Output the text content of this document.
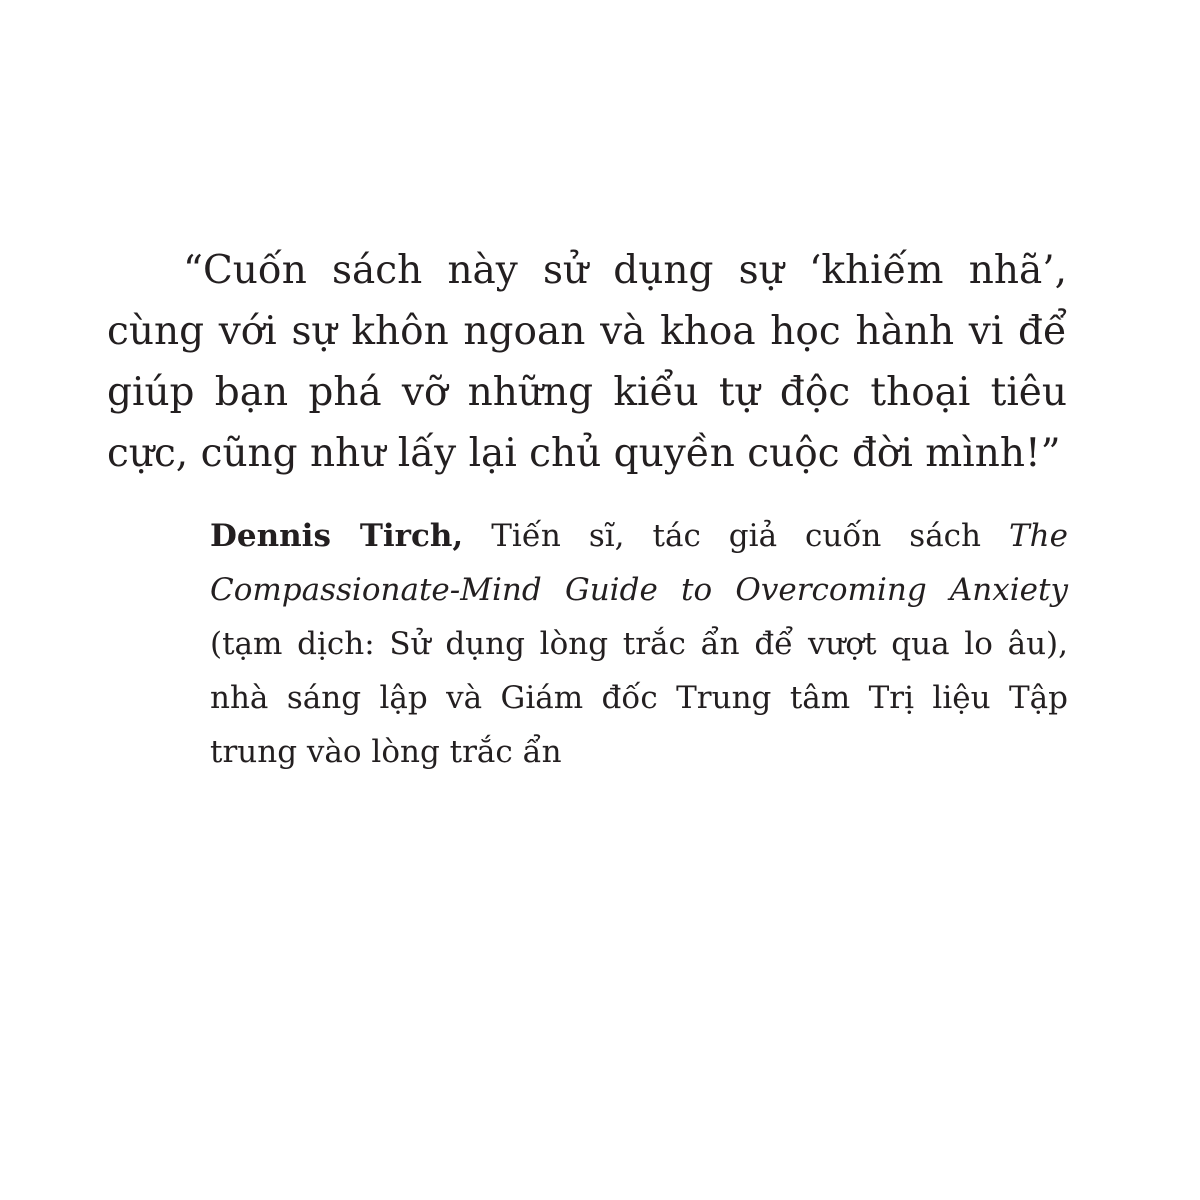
“Cuốn sách này sử dụng sự ‘khiếm nhã’, cùng với sự khôn ngoan và khoa học hành vi để giúp bạn phá vỡ những kiểu tự độc thoại tiêu cực, cũng như lấy lại chủ quyền cuộc đời mình!”

Dennis Tirch, Tiến sĩ, tác giả cuốn sách The Compassionate-Mind Guide to Overcoming Anxiety (tạm dịch: Sử dụng lòng trắc ẩn để vượt qua lo âu), nhà sáng lập và Giám đốc Trung tâm Trị liệu Tập trung vào lòng trắc ẩn
